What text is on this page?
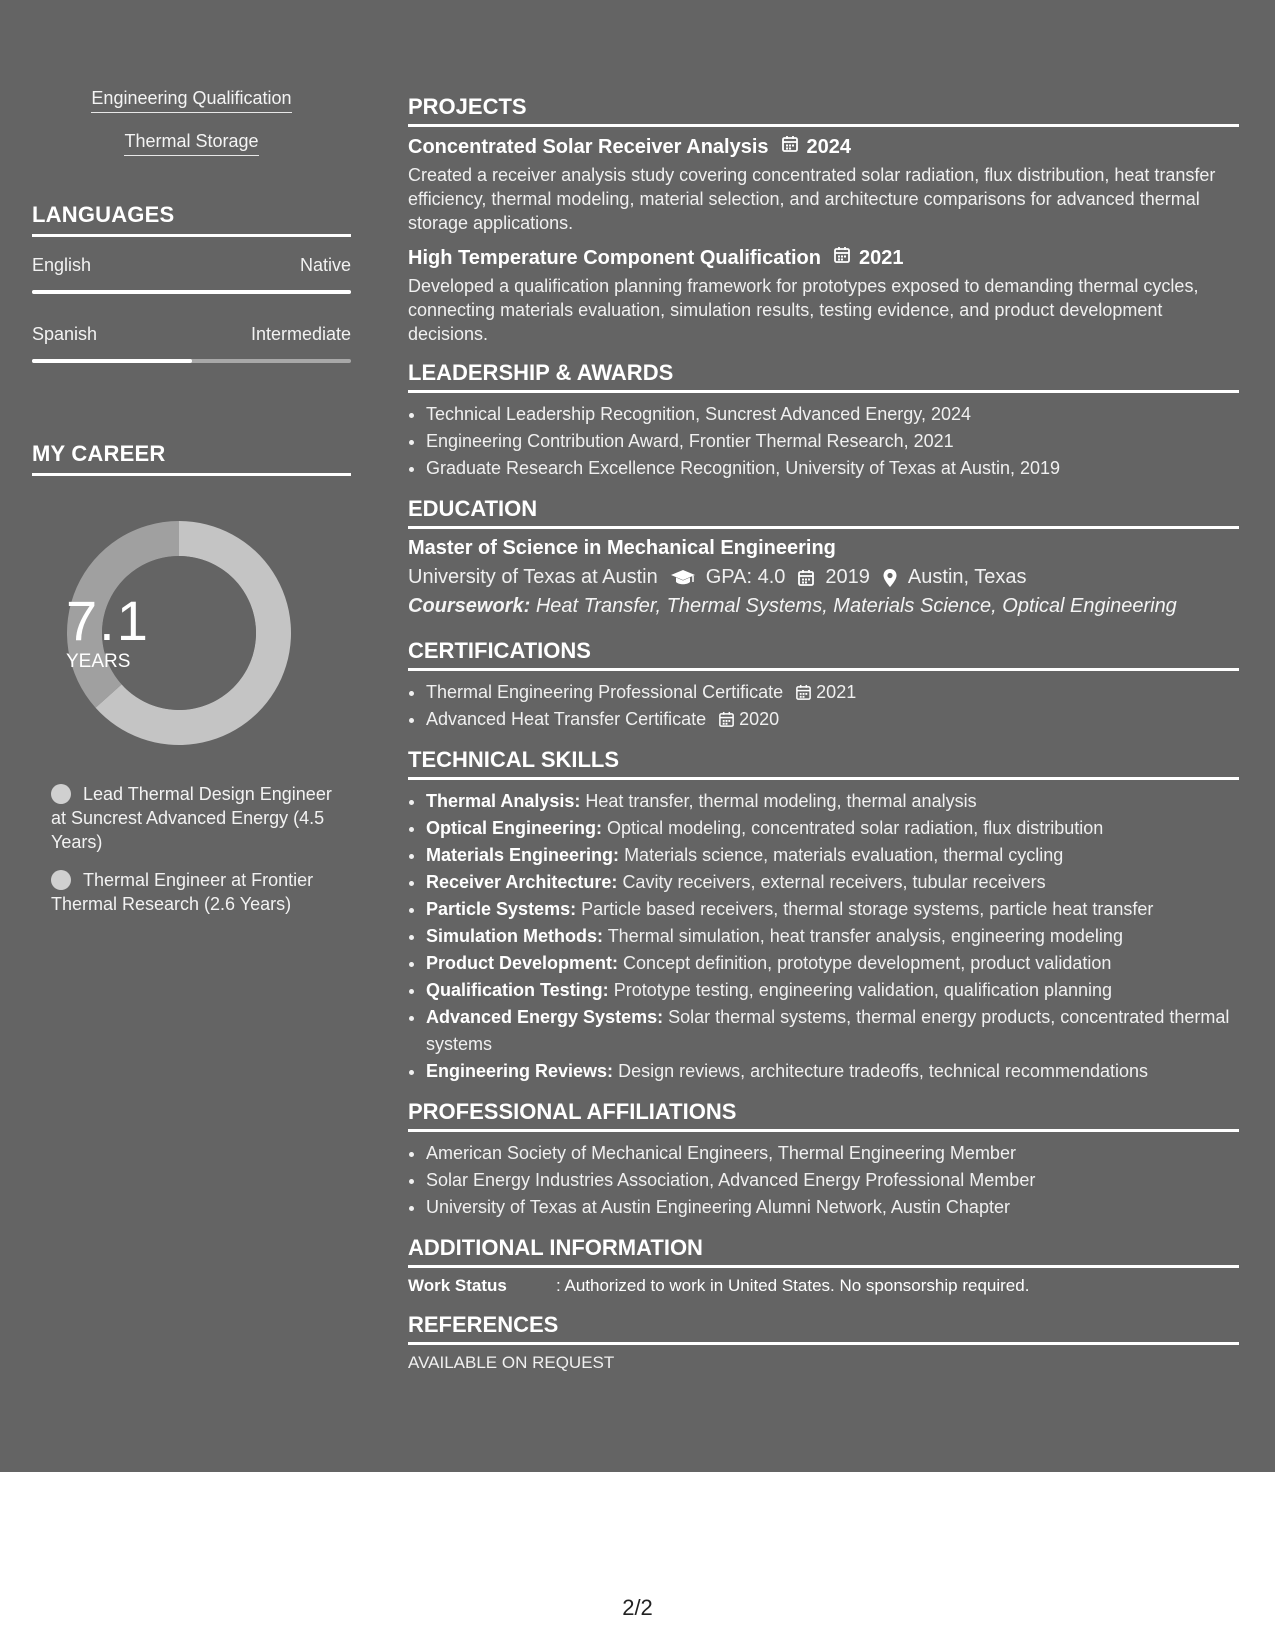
Engineering Qualification
Thermal Storage
LANGUAGES
English	Native
Spanish	Intermediate
MY CAREER
7.1
YEARS
Lead Thermal Design Engineer at Suncrest Advanced Energy (4.5 Years)
Thermal Engineer at Frontier Thermal Research (2.6 Years)
PROJECTS
Concentrated Solar Receiver Analysis 2024
Created a receiver analysis study covering concentrated solar radiation, flux distribution, heat transfer efficiency, thermal modeling, material selection, and architecture comparisons for advanced thermal storage applications.
High Temperature Component Qualification 2021
Developed a qualification planning framework for prototypes exposed to demanding thermal cycles, connecting materials evaluation, simulation results, testing evidence, and product development decisions.
LEADERSHIP & AWARDS
• Technical Leadership Recognition, Suncrest Advanced Energy, 2024
• Engineering Contribution Award, Frontier Thermal Research, 2021
• Graduate Research Excellence Recognition, University of Texas at Austin, 2019
EDUCATION
Master of Science in Mechanical Engineering
University of Texas at Austin GPA: 4.0 2019 Austin, Texas
Coursework: Heat Transfer, Thermal Systems, Materials Science, Optical Engineering
CERTIFICATIONS
• Thermal Engineering Professional Certificate 2021
• Advanced Heat Transfer Certificate 2020
TECHNICAL SKILLS
• Thermal Analysis: Heat transfer, thermal modeling, thermal analysis
• Optical Engineering: Optical modeling, concentrated solar radiation, flux distribution
• Materials Engineering: Materials science, materials evaluation, thermal cycling
• Receiver Architecture: Cavity receivers, external receivers, tubular receivers
• Particle Systems: Particle based receivers, thermal storage systems, particle heat transfer
• Simulation Methods: Thermal simulation, heat transfer analysis, engineering modeling
• Product Development: Concept definition, prototype development, product validation
• Qualification Testing: Prototype testing, engineering validation, qualification planning
• Advanced Energy Systems: Solar thermal systems, thermal energy products, concentrated thermal systems
• Engineering Reviews: Design reviews, architecture tradeoffs, technical recommendations
PROFESSIONAL AFFILIATIONS
• American Society of Mechanical Engineers, Thermal Engineering Member
• Solar Energy Industries Association, Advanced Energy Professional Member
• University of Texas at Austin Engineering Alumni Network, Austin Chapter
ADDITIONAL INFORMATION
Work Status	: Authorized to work in United States. No sponsorship required.
REFERENCES
AVAILABLE ON REQUEST
2/2
